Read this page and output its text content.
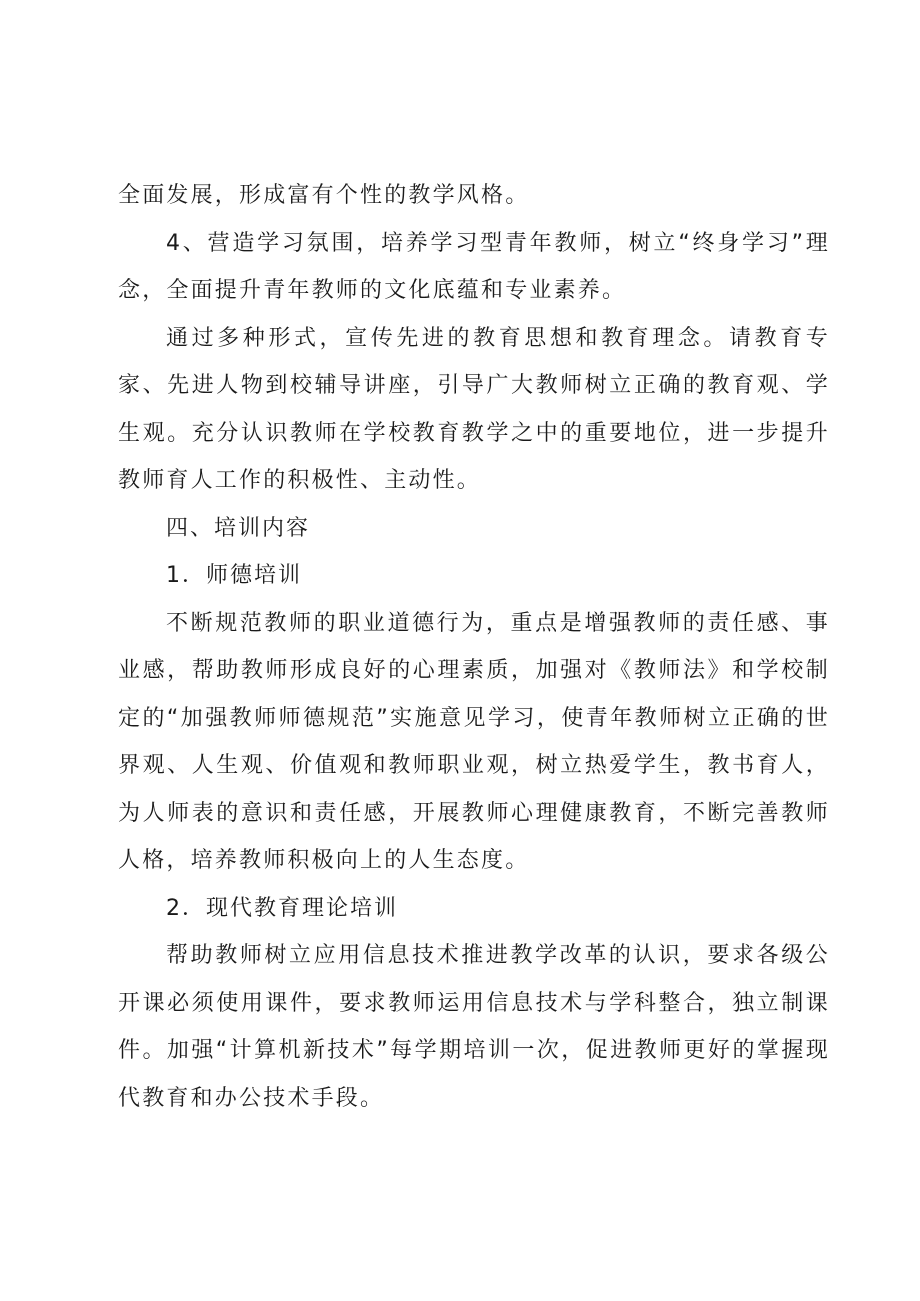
全面发展，形成富有个性的教学风格。

4、营造学习氛围，培养学习型青年教师，树立“终身学习”理念，全面提升青年教师的文化底蕴和专业素养。

通过多种形式，宣传先进的教育思想和教育理念。请教育专家、先进人物到校辅导讲座，引导广大教师树立正确的教育观、学生观。充分认识教师在学校教育教学之中的重要地位，进一步提升教师育人工作的积极性、主动性。

四、培训内容

1．师德培训

不断规范教师的职业道德行为，重点是增强教师的责任感、事业感，帮助教师形成良好的心理素质，加强对《教师法》和学校制定的“加强教师师德规范”实施意见学习，使青年教师树立正确的世界观、人生观、价值观和教师职业观，树立热爱学生，教书育人，为人师表的意识和责任感，开展教师心理健康教育，不断完善教师人格，培养教师积极向上的人生态度。

2．现代教育理论培训

帮助教师树立应用信息技术推进教学改革的认识，要求各级公开课必须使用课件，要求教师运用信息技术与学科整合，独立制课件。加强“计算机新技术”每学期培训一次，促进教师更好的掌握现代教育和办公技术手段。
